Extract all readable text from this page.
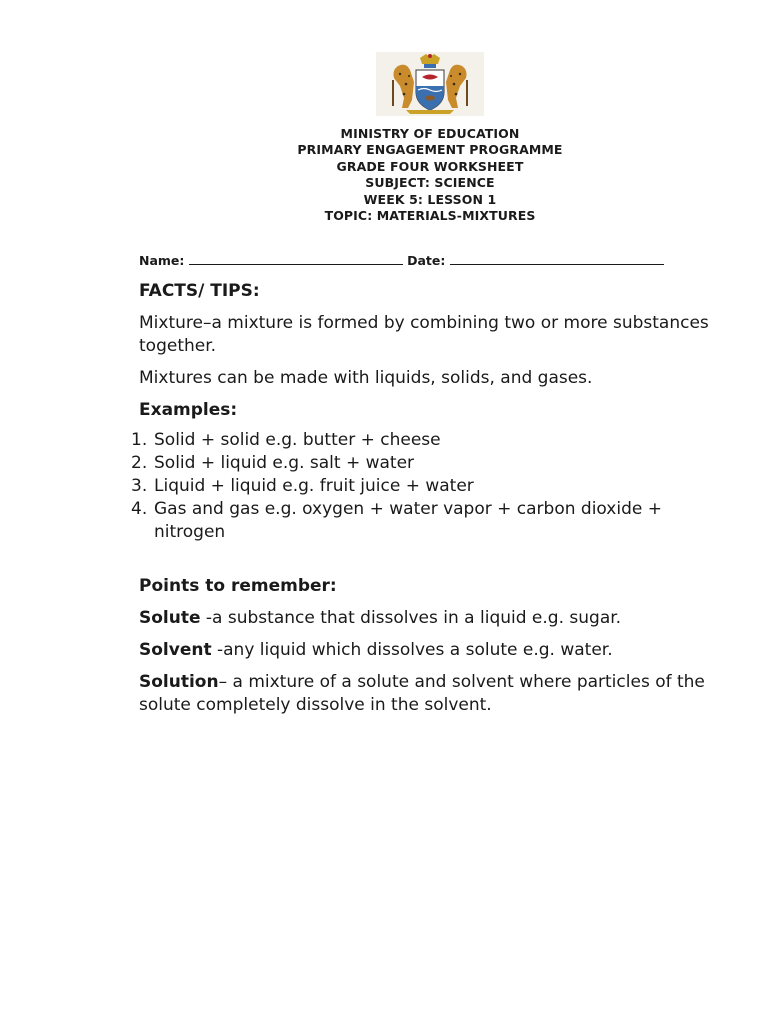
MINISTRY OF EDUCATION
PRIMARY ENGAGEMENT PROGRAMME
GRADE FOUR WORKSHEET
SUBJECT: SCIENCE
WEEK 5: LESSON 1
TOPIC: MATERIALS-MIXTURES
Name:	Date:
FACTS/ TIPS:
Mixture–a mixture is formed by combining two or more substances together.
Mixtures can be made with liquids, solids, and gases.
Examples:
1. Solid + solid e.g. butter + cheese
2. Solid + liquid e.g. salt + water
3. Liquid + liquid e.g. fruit juice + water
4. Gas and gas e.g. oxygen + water vapor + carbon dioxide + nitrogen
Points to remember:
Solute -a substance that dissolves in a liquid e.g. sugar.
Solvent -any liquid which dissolves a solute e.g. water.
Solution– a mixture of a solute and solvent where particles of the solute completely dissolve in the solvent.
